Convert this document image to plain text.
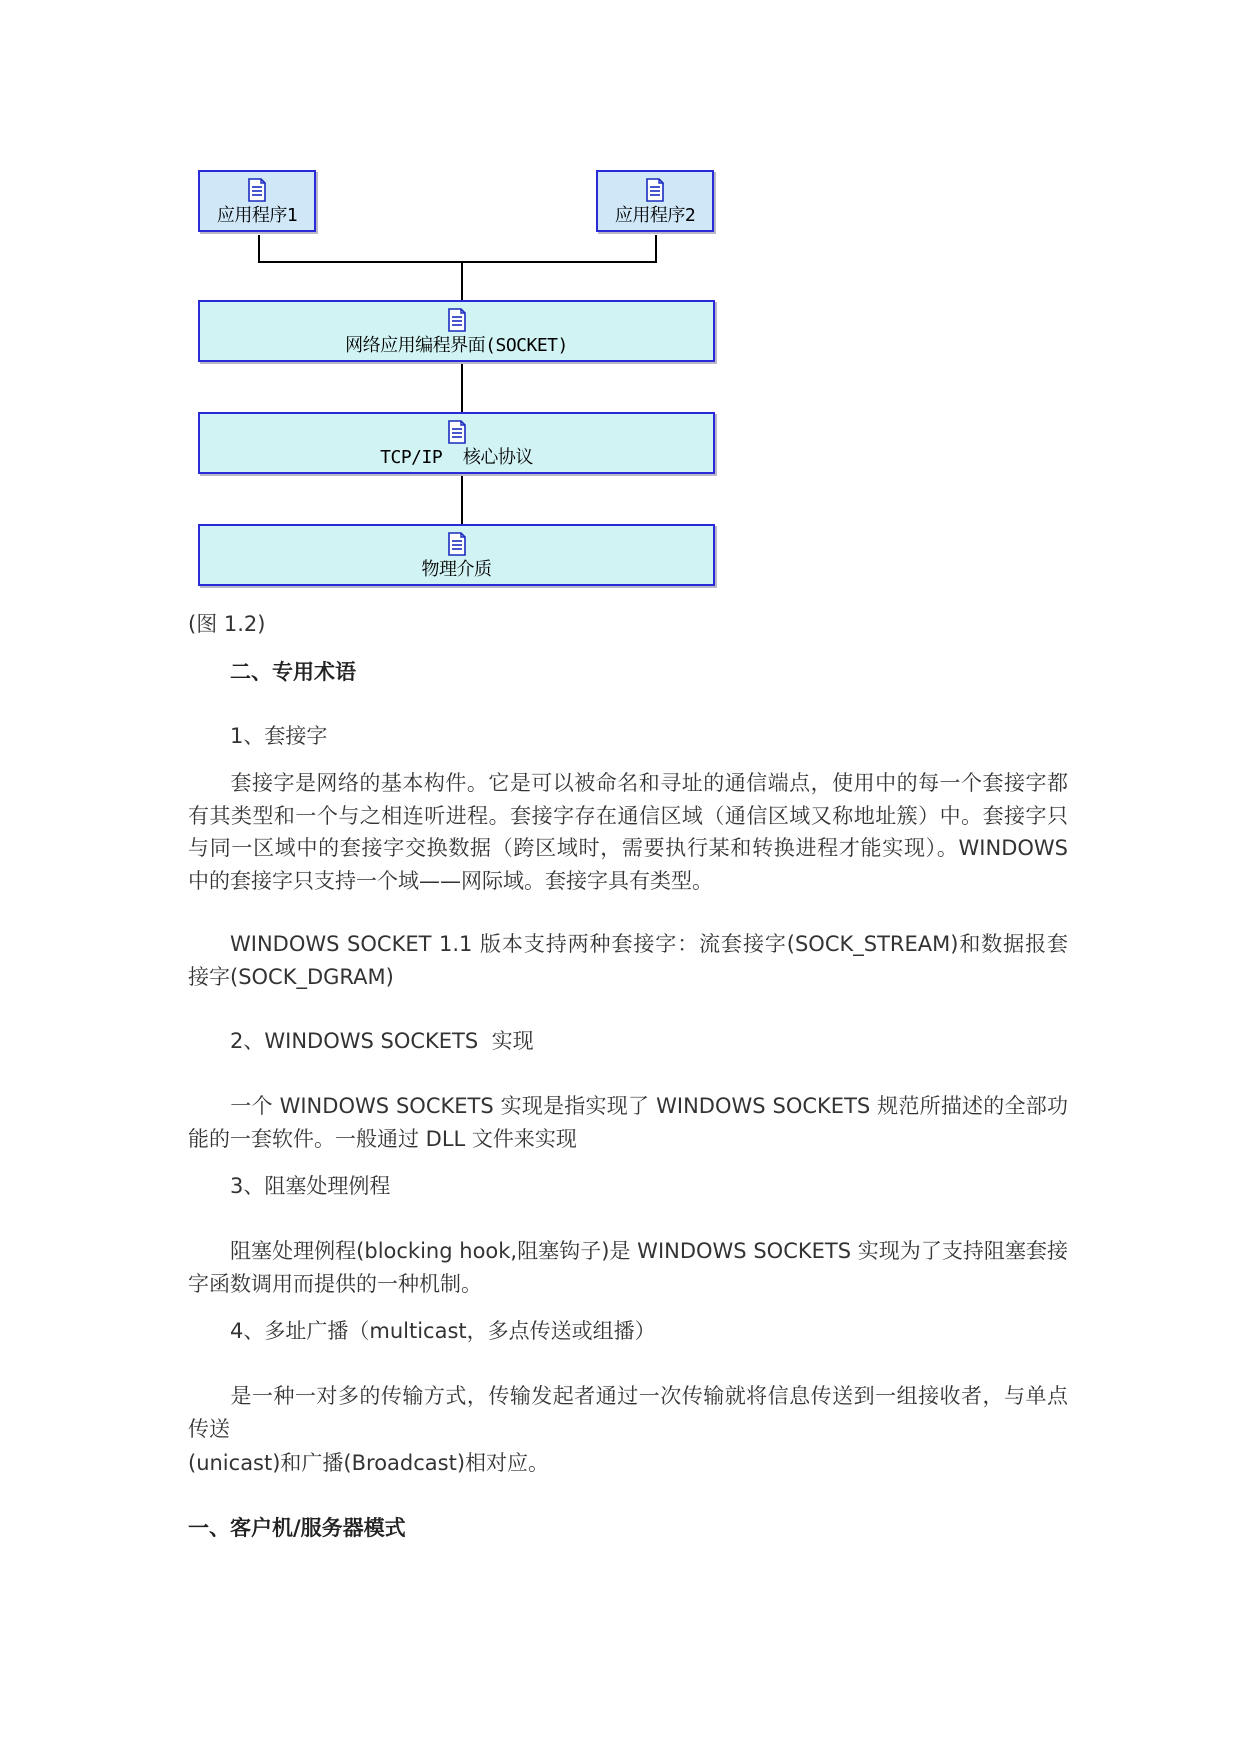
应用程序1	应用程序2
网络应用编程界面(SOCKET)
TCP/IP  核心协议
物理介质

(图 1.2)

二、专用术语

1、套接字

套接字是网络的基本构件。它是可以被命名和寻址的通信端点，使用中的每一个套接字都有其类型和一个与之相连听进程。套接字存在通信区域（通信区域又称地址簇）中。套接字只与同一区域中的套接字交换数据（跨区域时，需要执行某和转换进程才能实现）。WINDOWS 中的套接字只支持一个域——网际域。套接字具有类型。

WINDOWS SOCKET 1.1 版本支持两种套接字：流套接字(SOCK_STREAM)和数据报套接字(SOCK_DGRAM)

2、WINDOWS SOCKETS  实现

一个 WINDOWS SOCKETS 实现是指实现了 WINDOWS SOCKETS 规范所描述的全部功能的一套软件。一般通过 DLL 文件来实现

3、阻塞处理例程

阻塞处理例程(blocking hook,阻塞钩子)是 WINDOWS SOCKETS 实现为了支持阻塞套接字函数调用而提供的一种机制。

4、多址广播（multicast，多点传送或组播）

是一种一对多的传输方式，传输发起者通过一次传输就将信息传送到一组接收者，与单点传送

(unicast)和广播(Broadcast)相对应。

一、客户机/服务器模式
